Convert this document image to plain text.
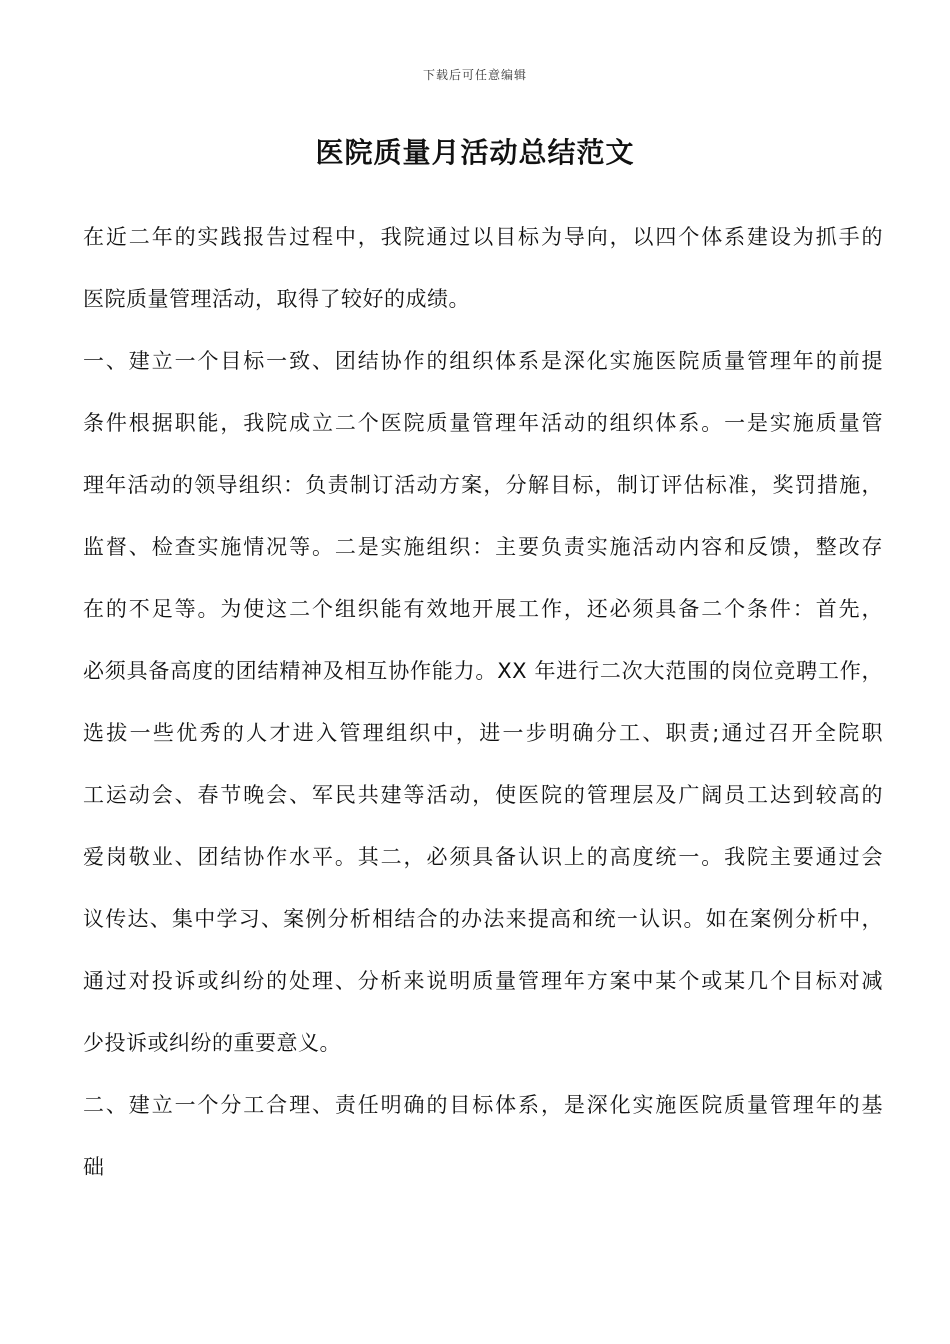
下载后可任意编辑
医院质量月活动总结范文
在近二年的实践报告过程中，我院通过以目标为导向，以四个体系建设为抓手的
医院质量管理活动，取得了较好的成绩。
一、建立一个目标一致、团结协作的组织体系是深化实施医院质量管理年的前提
条件根据职能，我院成立二个医院质量管理年活动的组织体系。一是实施质量管
理年活动的领导组织：负责制订活动方案，分解目标，制订评估标准，奖罚措施，
监督、检查实施情况等。二是实施组织：主要负责实施活动内容和反馈，整改存
在的不足等。为使这二个组织能有效地开展工作，还必须具备二个条件：首先，
必须具备高度的团结精神及相互协作能力。XX 年进行二次大范围的岗位竞聘工作，
选拔一些优秀的人才进入管理组织中，进一步明确分工、职责;通过召开全院职
工运动会、春节晚会、军民共建等活动，使医院的管理层及广阔员工达到较高的
爱岗敬业、团结协作水平。其二，必须具备认识上的高度统一。我院主要通过会
议传达、集中学习、案例分析相结合的办法来提高和统一认识。如在案例分析中，
通过对投诉或纠纷的处理、分析来说明质量管理年方案中某个或某几个目标对减
少投诉或纠纷的重要意义。
二、建立一个分工合理、责任明确的目标体系，是深化实施医院质量管理年的基
础
